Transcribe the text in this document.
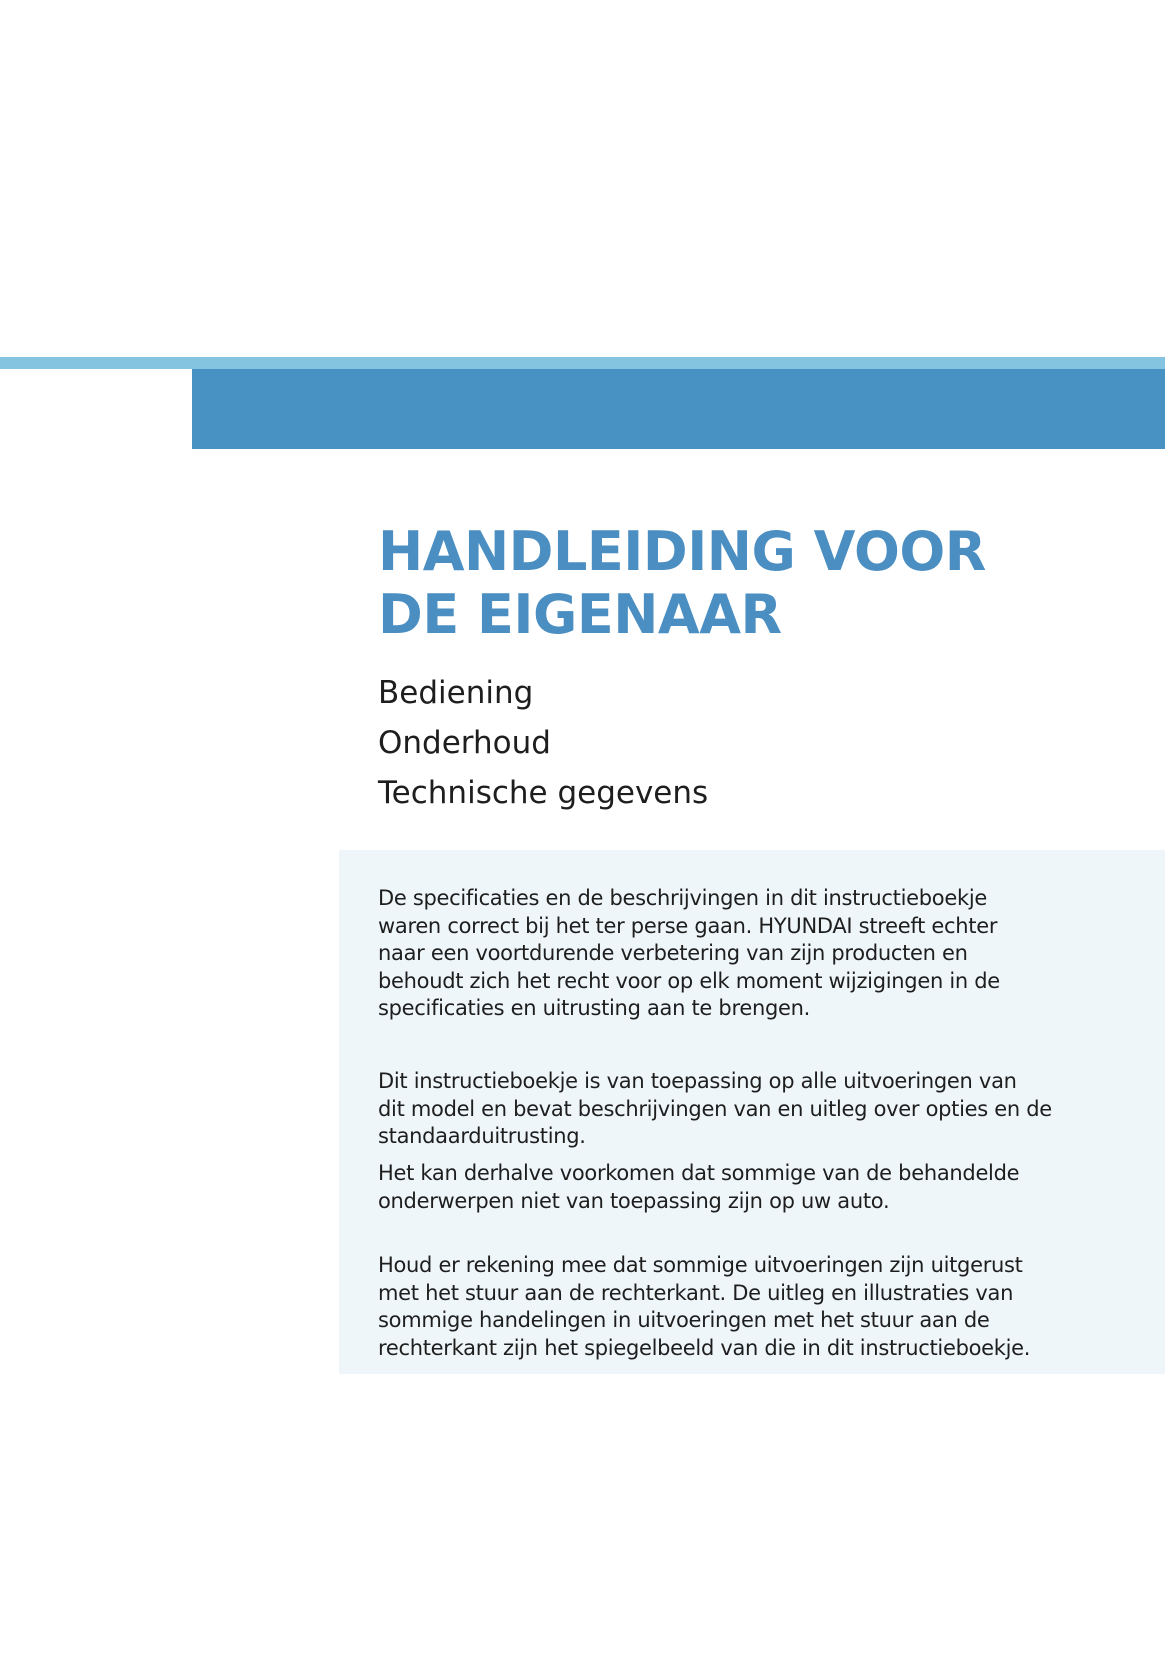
HANDLEIDING VOOR
DE EIGENAAR
Bediening
Onderhoud
Technische gegevens

De specificaties en de beschrijvingen in dit instructieboekje
waren correct bij het ter perse gaan. HYUNDAI streeft echter
naar een voortdurende verbetering van zijn producten en
behoudt zich het recht voor op elk moment wijzigingen in de
specificaties en uitrusting aan te brengen.

Dit instructieboekje is van toepassing op alle uitvoeringen van
dit model en bevat beschrijvingen van en uitleg over opties en de
standaarduitrusting.

Het kan derhalve voorkomen dat sommige van de behandelde
onderwerpen niet van toepassing zijn op uw auto.

Houd er rekening mee dat sommige uitvoeringen zijn uitgerust
met het stuur aan de rechterkant. De uitleg en illustraties van
sommige handelingen in uitvoeringen met het stuur aan de
rechterkant zijn het spiegelbeeld van die in dit instructieboekje.
